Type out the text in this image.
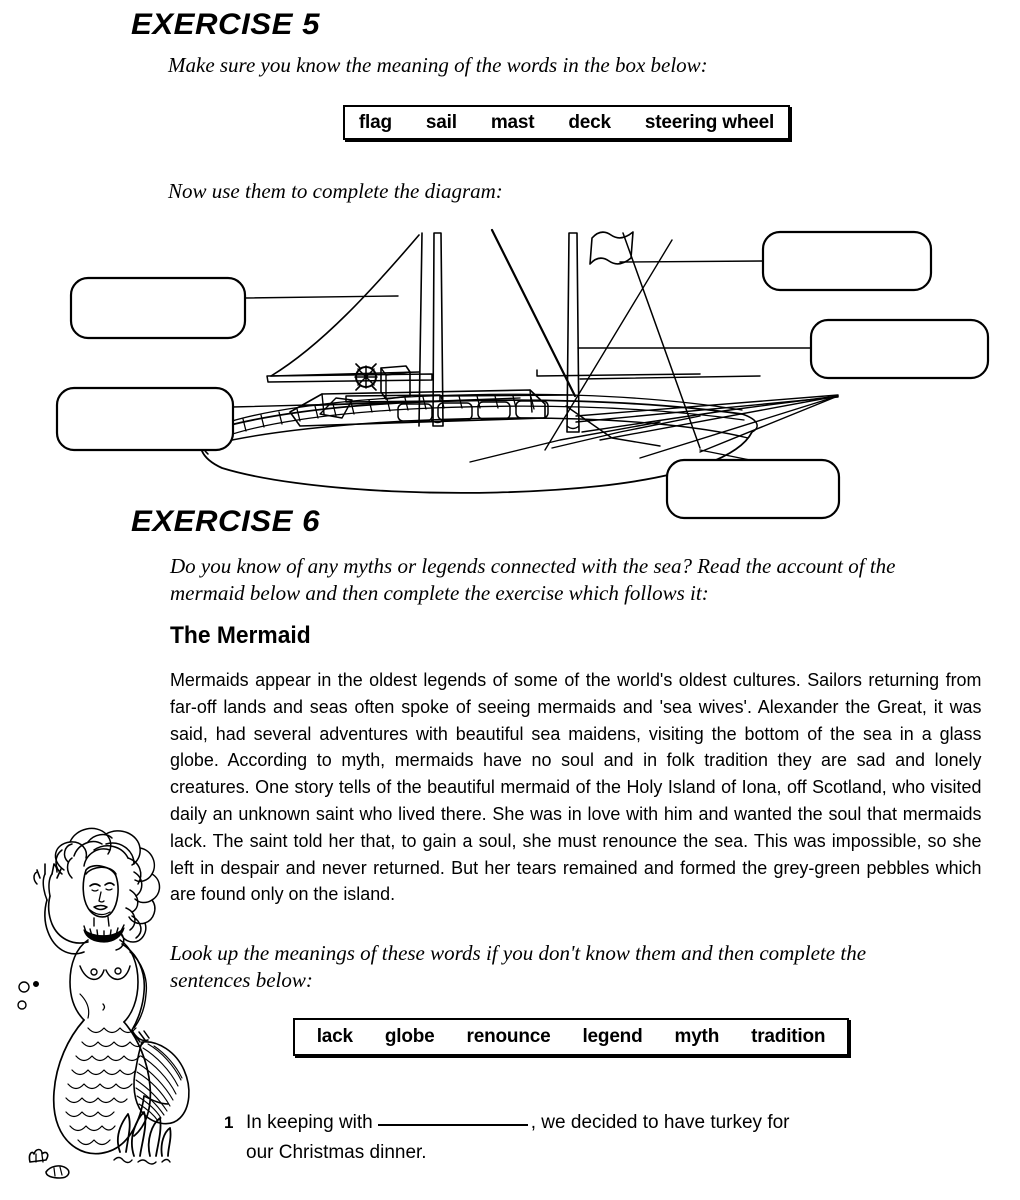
EXERCISE 5
Make sure you know the meaning of the words in the box below:
flag sail mast deck steering wheel
Now use them to complete the diagram:
EXERCISE 6
Do you know of any myths or legends connected with the sea? Read the account of the
mermaid below and then complete the exercise which follows it:
The Mermaid
Mermaids appear in the oldest legends of some of the world's oldest cultures. Sailors returning from far-off lands and seas often spoke of seeing mermaids and 'sea wives'. Alexander the Great, it was said, had several adventures with beautiful sea maidens, visiting the bottom of the sea in a glass globe. According to myth, mermaids have no soul and in folk tradition they are sad and lonely creatures. One story tells of the beautiful mermaid of the Holy Island of Iona, off Scotland, who visited daily an unknown saint who lived there. She was in love with him and wanted the soul that mermaids lack. The saint told her that, to gain a soul, she must renounce the sea. This was impossible, so she left in despair and never returned. But her tears remained and formed the grey-green pebbles which are found only on the island.
Look up the meanings of these words if you don't know them and then complete the
sentences below:
lack globe renounce legend myth tradition
1 In keeping with	, we decided to have turkey for
our Christmas dinner.
